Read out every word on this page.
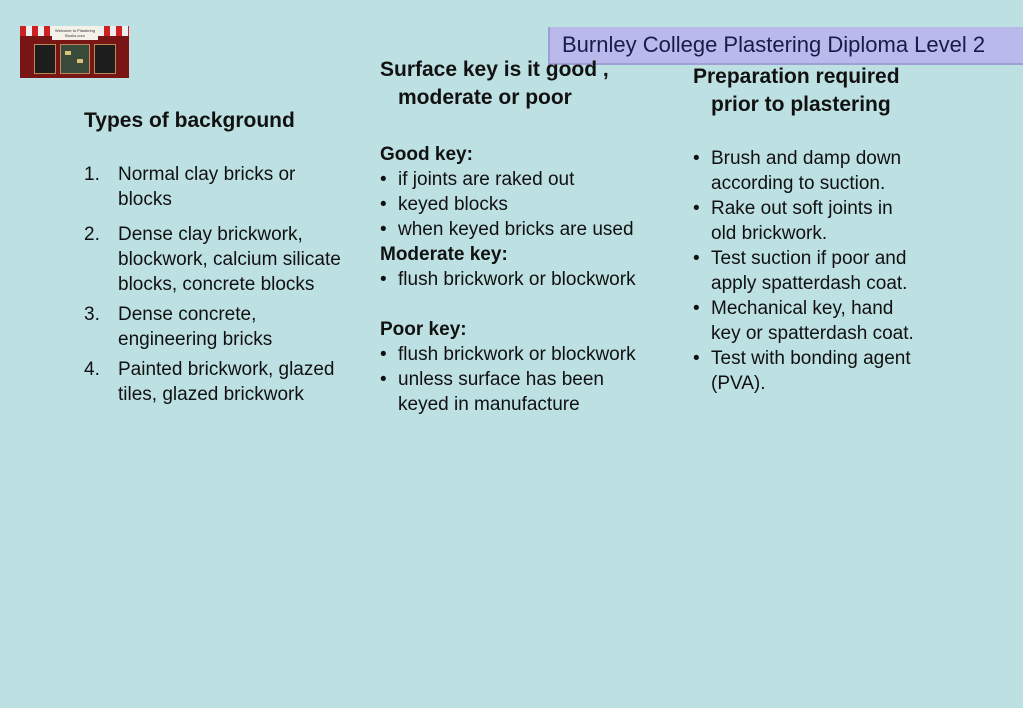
Welcome to Plastering Books.com	Burnley College Plastering Diploma Level 2
Types of background
1. Normal clay bricks or blocks
2. Dense clay brickwork, blockwork, calcium silicate blocks, concrete blocks
3. Dense concrete, engineering bricks
4. Painted brickwork, glazed tiles, glazed brickwork
Surface key is it good , moderate or poor
Good key:
• if joints are raked out
• keyed blocks
• when keyed bricks are used
Moderate key:
• flush brickwork or blockwork
Poor key:
• flush brickwork or blockwork
• unless surface has been keyed in manufacture
Preparation required prior to plastering
• Brush and damp down according to suction.
• Rake out soft joints in old brickwork.
• Test suction if poor and apply spatterdash coat.
• Mechanical key, hand key or spatterdash coat.
• Test with bonding agent (PVA).
